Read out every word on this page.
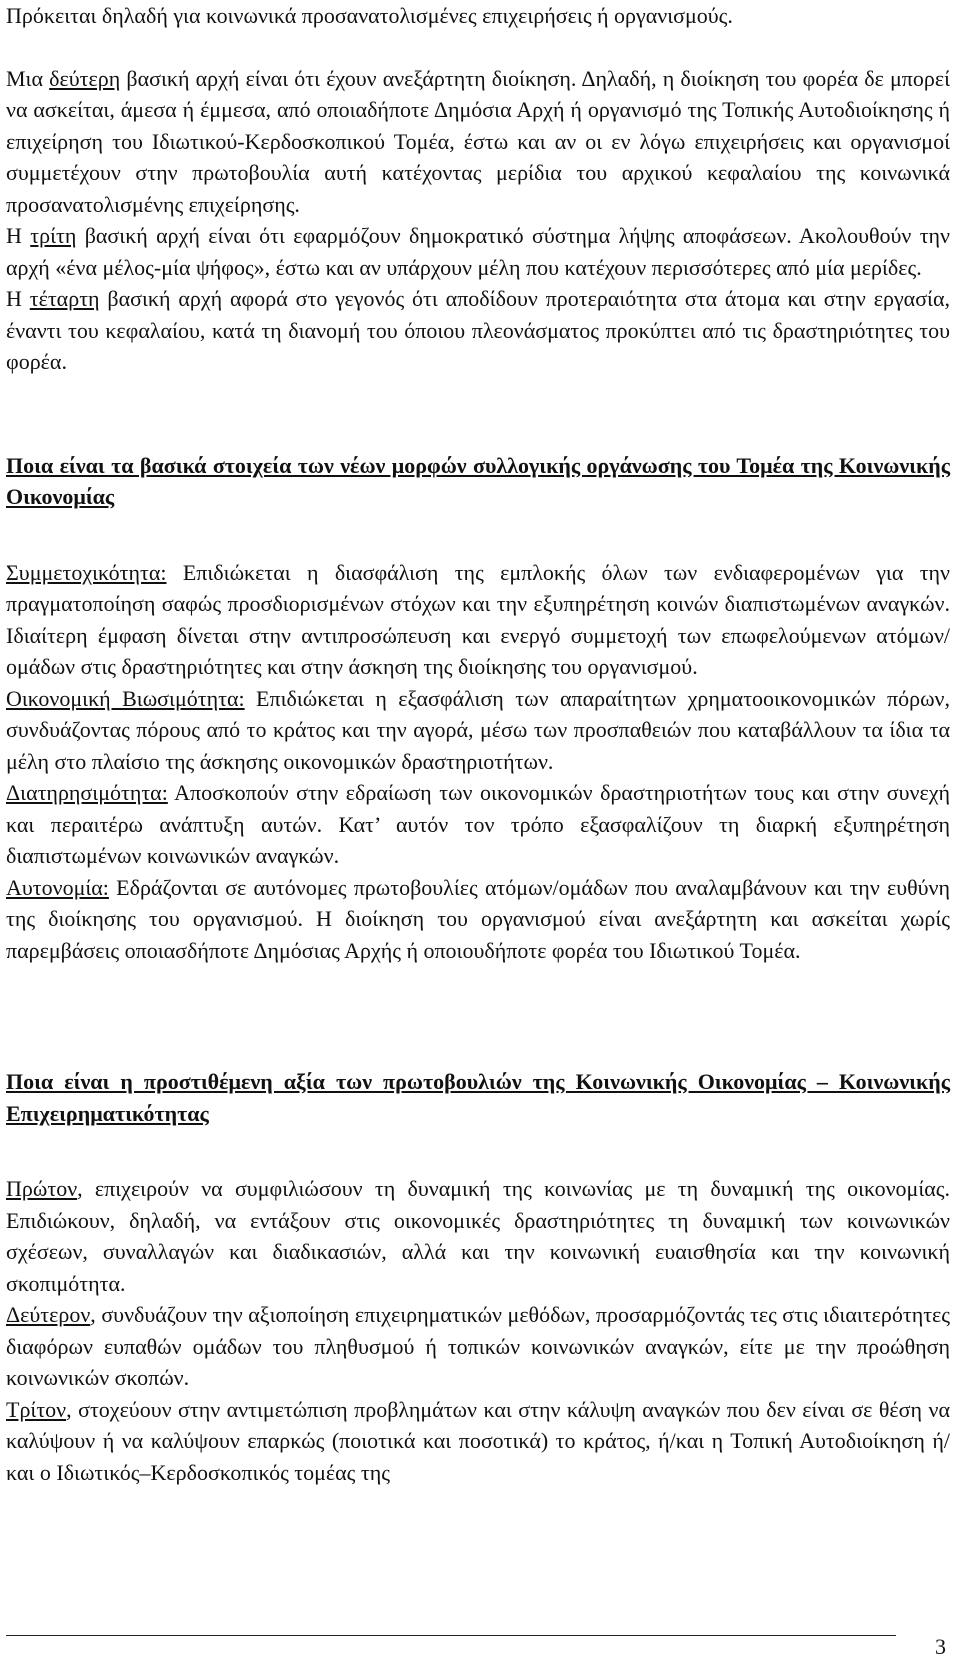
Πρόκειται δηλαδή για κοινωνικά προσανατολισμένες επιχειρήσεις ή οργανισμούς.

Μια δεύτερη βασική αρχή είναι ότι έχουν ανεξάρτητη διοίκηση. Δηλαδή, η διοίκηση του φορέα δε μπορεί να ασκείται, άμεσα ή έμμεσα, από οποιαδήποτε Δημόσια Αρχή ή οργανισμό της Τοπικής Αυτοδιοίκησης ή επιχείρηση του Ιδιωτικού-Κερδοσκοπικού Τομέα, έστω και αν οι εν λόγω επιχειρήσεις και οργανισμοί συμμετέχουν στην πρωτοβουλία αυτή κατέχοντας μερίδια του αρχικού κεφαλαίου της κοινωνικά προσανατολισμένης επιχείρησης.

Η τρίτη βασική αρχή είναι ότι εφαρμόζουν δημοκρατικό σύστημα λήψης αποφάσεων. Ακολουθούν την αρχή «ένα μέλος-μία ψήφος», έστω και αν υπάρχουν μέλη που κατέχουν περισσότερες από μία μερίδες.

Η τέταρτη βασική αρχή αφορά στο γεγονός ότι αποδίδουν προτεραιότητα στα άτομα και στην εργασία, έναντι του κεφαλαίου, κατά τη διανομή του όποιου πλεονάσματος προκύπτει από τις δραστηριότητες του φορέα.

Ποια είναι τα βασικά στοιχεία των νέων μορφών συλλογικής οργάνωσης του Τομέα της Κοινωνικής Οικονομίας

Συμμετοχικότητα: Επιδιώκεται η διασφάλιση της εμπλοκής όλων των ενδιαφερομένων για την πραγματοποίηση σαφώς προσδιορισμένων στόχων και την εξυπηρέτηση κοινών διαπιστωμένων αναγκών. Ιδιαίτερη έμφαση δίνεται στην αντιπροσώπευση και ενεργό συμμετοχή των επωφελούμενων ατόμων/ομάδων στις δραστηριότητες και στην άσκηση της διοίκησης του οργανισμού.

Οικονομική Βιωσιμότητα: Επιδιώκεται η εξασφάλιση των απαραίτητων χρηματοοικονομικών πόρων, συνδυάζοντας πόρους από το κράτος και την αγορά, μέσω των προσπαθειών που καταβάλλουν τα ίδια τα μέλη στο πλαίσιο της άσκησης οικονομικών δραστηριοτήτων.

Διατηρησιμότητα: Αποσκοπούν στην εδραίωση των οικονομικών δραστηριοτήτων τους και στην συνεχή και περαιτέρω ανάπτυξη αυτών. Κατ’ αυτόν τον τρόπο εξασφαλίζουν τη διαρκή εξυπηρέτηση διαπιστωμένων κοινωνικών αναγκών.

Αυτονομία: Εδράζονται σε αυτόνομες πρωτοβουλίες ατόμων/ομάδων που αναλαμβάνουν και την ευθύνη της διοίκησης του οργανισμού. Η διοίκηση του οργανισμού είναι ανεξάρτητη και ασκείται χωρίς παρεμβάσεις οποιασδήποτε Δημόσιας Αρχής ή οποιουδήποτε φορέα του Ιδιωτικού Τομέα.

Ποια είναι η προστιθέμενη αξία των πρωτοβουλιών της Κοινωνικής Οικονομίας – Κοινωνικής Επιχειρηματικότητας

Πρώτον, επιχειρούν να συμφιλιώσουν τη δυναμική της κοινωνίας με τη δυναμική της οικονομίας. Επιδιώκουν, δηλαδή, να εντάξουν στις οικονομικές δραστηριότητες τη δυναμική των κοινωνικών σχέσεων, συναλλαγών και διαδικασιών, αλλά και την κοινωνική ευαισθησία και την κοινωνική σκοπιμότητα.

Δεύτερον, συνδυάζουν την αξιοποίηση επιχειρηματικών μεθόδων, προσαρμόζοντάς τες στις ιδιαιτερότητες διαφόρων ευπαθών ομάδων του πληθυσμού ή τοπικών κοινωνικών αναγκών, είτε με την προώθηση κοινωνικών σκοπών.

Τρίτον, στοχεύουν στην αντιμετώπιση προβλημάτων και στην κάλυψη αναγκών που δεν είναι σε θέση να καλύψουν ή να καλύψουν επαρκώς (ποιοτικά και ποσοτικά) το κράτος, ή/και η Τοπική Αυτοδιοίκηση ή/και ο Ιδιωτικός–Κερδοσκοπικός τομέας της

3
